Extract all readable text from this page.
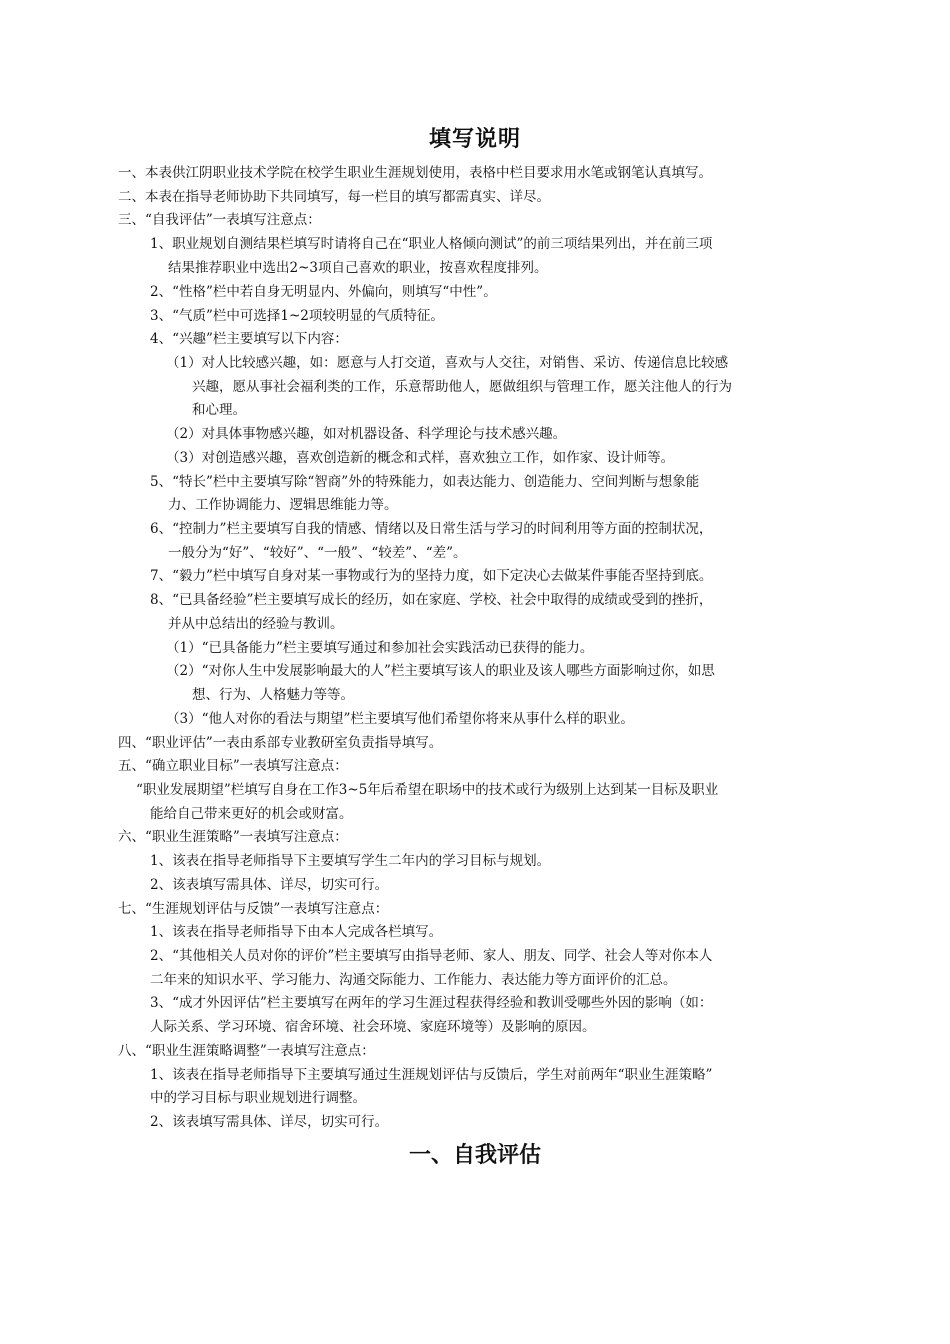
填写说明
一、本表供江阴职业技术学院在校学生职业生涯规划使用，表格中栏目要求用水笔或钢笔认真填写。
二、本表在指导老师协助下共同填写，每一栏目的填写都需真实、详尽。
三、“自我评估”一表填写注意点：
1、职业规划自测结果栏填写时请将自己在“职业人格倾向测试”的前三项结果列出，并在前三项
结果推荐职业中选出2~3项自己喜欢的职业，按喜欢程度排列。
2、“性格”栏中若自身无明显内、外偏向，则填写“中性”。
3、“气质”栏中可选择1~2项较明显的气质特征。
4、“兴趣”栏主要填写以下内容：
（1）对人比较感兴趣，如：愿意与人打交道，喜欢与人交往，对销售、采访、传递信息比较感
兴趣，愿从事社会福利类的工作，乐意帮助他人，愿做组织与管理工作，愿关注他人的行为
和心理。
（2）对具体事物感兴趣，如对机器设备、科学理论与技术感兴趣。
（3）对创造感兴趣，喜欢创造新的概念和式样，喜欢独立工作，如作家、设计师等。
5、“特长”栏中主要填写除“智商”外的特殊能力，如表达能力、创造能力、空间判断与想象能
力、工作协调能力、逻辑思维能力等。
6、“控制力”栏主要填写自我的情感、情绪以及日常生活与学习的时间利用等方面的控制状况，
一般分为“好”、“较好”、“一般”、“较差”、“差”。
7、“毅力”栏中填写自身对某一事物或行为的坚持力度，如下定决心去做某件事能否坚持到底。
8、“已具备经验”栏主要填写成长的经历，如在家庭、学校、社会中取得的成绩或受到的挫折，
并从中总结出的经验与教训。
（1）“已具备能力”栏主要填写通过和参加社会实践活动已获得的能力。
（2）“对你人生中发展影响最大的人”栏主要填写该人的职业及该人哪些方面影响过你，如思
想、行为、人格魅力等等。
（3）“他人对你的看法与期望”栏主要填写他们希望你将来从事什么样的职业。
四、“职业评估”一表由系部专业教研室负责指导填写。
五、“确立职业目标”一表填写注意点：
“职业发展期望”栏填写自身在工作3~5年后希望在职场中的技术或行为级别上达到某一目标及职业
能给自己带来更好的机会或财富。
六、“职业生涯策略”一表填写注意点：
1、该表在指导老师指导下主要填写学生二年内的学习目标与规划。
2、该表填写需具体、详尽，切实可行。
七、“生涯规划评估与反馈”一表填写注意点：
1、该表在指导老师指导下由本人完成各栏填写。
2、“其他相关人员对你的评价”栏主要填写由指导老师、家人、朋友、同学、社会人等对你本人
二年来的知识水平、学习能力、沟通交际能力、工作能力、表达能力等方面评价的汇总。
3、“成才外因评估”栏主要填写在两年的学习生涯过程获得经验和教训受哪些外因的影响（如：
人际关系、学习环境、宿舍环境、社会环境、家庭环境等）及影响的原因。
八、“职业生涯策略调整”一表填写注意点：
1、该表在指导老师指导下主要填写通过生涯规划评估与反馈后，学生对前两年“职业生涯策略”
中的学习目标与职业规划进行调整。
2、该表填写需具体、详尽，切实可行。
一、自我评估
